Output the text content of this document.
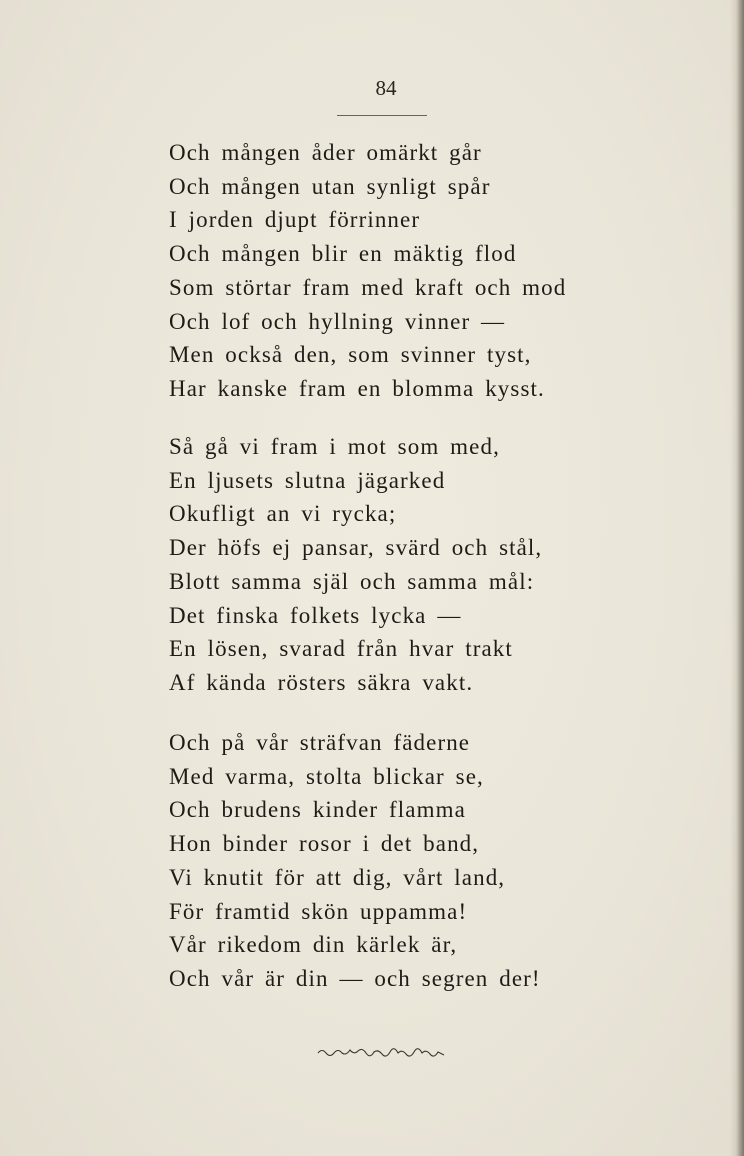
84
Och mången åder omärkt går
Och mången utan synligt spår
I jorden djupt förrinner
Och mången blir en mäktig flod
Som störtar fram med kraft och mod
Och lof och hyllning vinner —
Men också den, som svinner tyst,
Har kanske fram en blomma kysst.
Så gå vi fram i mot som med,
En ljusets slutna jägarked
Okufligt an vi rycka;
Der höfs ej pansar, svärd och stål,
Blott samma själ och samma mål:
Det finska folkets lycka —
En lösen, svarad från hvar trakt
Af kända rösters säkra vakt.
Och på vår sträfvan fäderne
Med varma, stolta blickar se,
Och brudens kinder flamma
Hon binder rosor i det band,
Vi knutit för att dig, vårt land,
För framtid skön uppamma!
Vår rikedom din kärlek är,
Och vår är din — och segren der!
